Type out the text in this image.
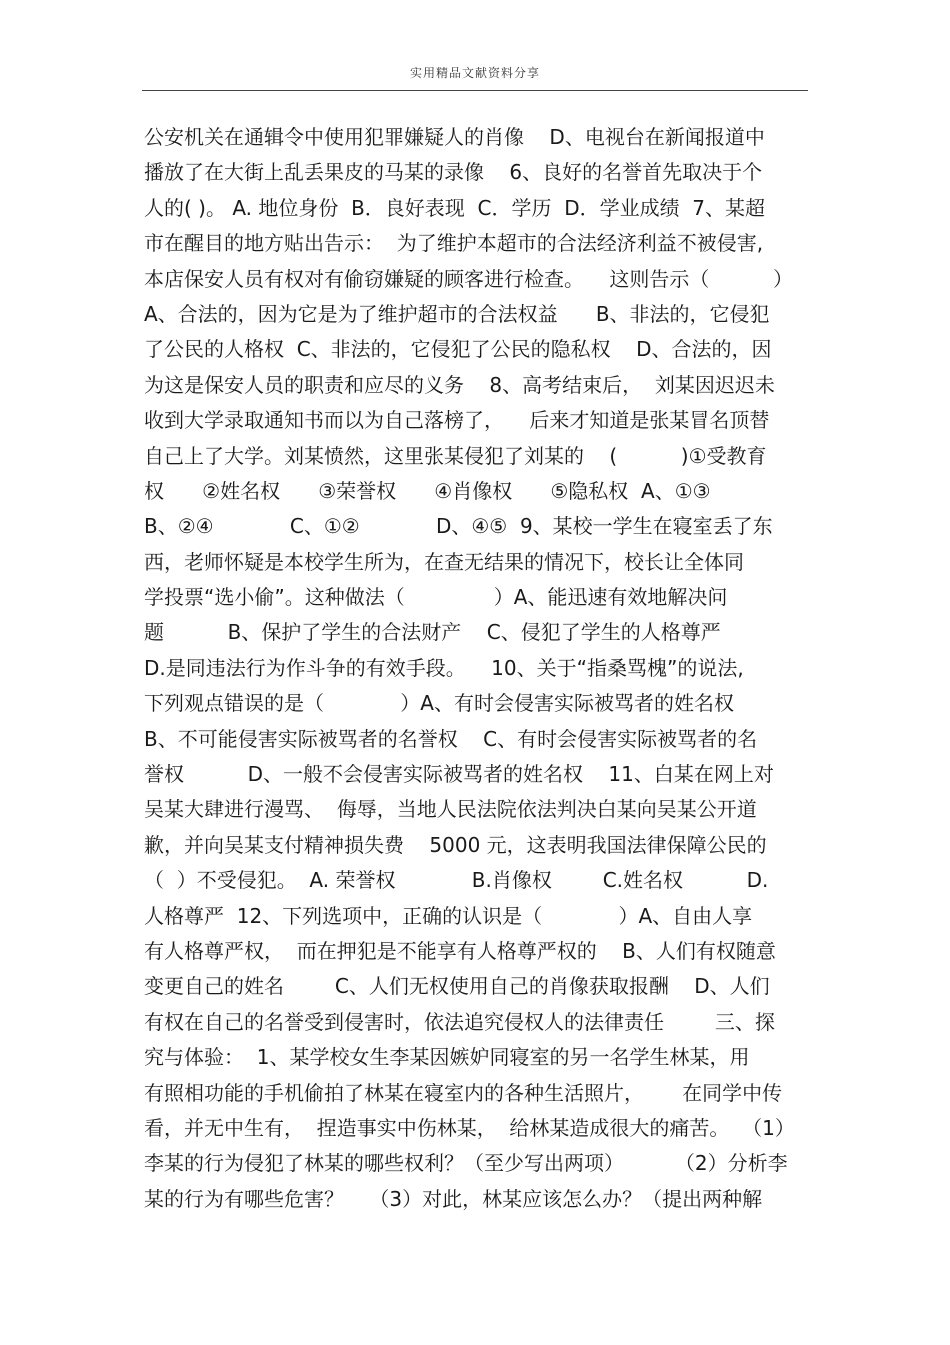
实用精品文献资料分享
公安机关在通辑令中使用犯罪嫌疑人的肖像    D、电视台在新闻报道中
播放了在大街上乱丢果皮的马某的录像    6、良好的名誉首先取决于个
人的( )。 A. 地位身份  B．良好表现  C．学历  D．学业成绩  7、某超
市在醒目的地方贴出告示：  为了维护本超市的合法经济利益不被侵害,
本店保安人员有权对有偷窃嫌疑的顾客进行检查。    这则告示（          ）
A、合法的，因为它是为了维护超市的合法权益      B、非法的，它侵犯
了公民的人格权  C、非法的，它侵犯了公民的隐私权    D、合法的，因
为这是保安人员的职责和应尽的义务    8、高考结束后，  刘某因迟迟未
收到大学录取通知书而以为自己落榜了，    后来才知道是张某冒名顶替
自己上了大学。刘某愤然，这里张某侵犯了刘某的    (          )①受教育
权      ②姓名权      ③荣誉权      ④肖像权      ⑤隐私权  A、①③
B、②④            C、①②            D、④⑤  9、某校一学生在寝室丢了东
西，老师怀疑是本校学生所为，在查无结果的情况下，校长让全体同
学投票“选小偷”。这种做法（              ）A、能迅速有效地解决问
题          B、保护了学生的合法财产    C、侵犯了学生的人格尊严
D.是同违法行为作斗争的有效手段。    10、关于“指桑骂槐”的说法,
下列观点错误的是（            ）A、有时会侵害实际被骂者的姓名权
B、不可能侵害实际被骂者的名誉权    C、有时会侵害实际被骂者的名
誉权          D、一般不会侵害实际被骂者的姓名权    11、白某在网上对
吴某大肆进行漫骂、  侮辱，当地人民法院依法判决白某向吴某公开道
歉，并向吴某支付精神损失费    5000 元，这表明我国法律保障公民的
（  ）不受侵犯。  A. 荣誉权            B.肖像权        C.姓名权          D.
人格尊严  12、下列选项中，正确的认识是（            ）A、自由人享
有人格尊严权，  而在押犯是不能享有人格尊严权的    B、人们有权随意
变更自己的姓名        C、人们无权使用自己的肖像获取报酬    D、人们
有权在自己的名誉受到侵害时，依法追究侵权人的法律责任        三、探
究与体验：  1、某学校女生李某因嫉妒同寝室的另一名学生林某，用
有照相功能的手机偷拍了林某在寝室内的各种生活照片，      在同学中传
看，并无中生有，  捏造事实中伤林某，  给林某造成很大的痛苦。  （1）
李某的行为侵犯了林某的哪些权利？（至少写出两项）        （2）分析李
某的行为有哪些危害？    （3）对此，林某应该怎么办？（提出两种解
